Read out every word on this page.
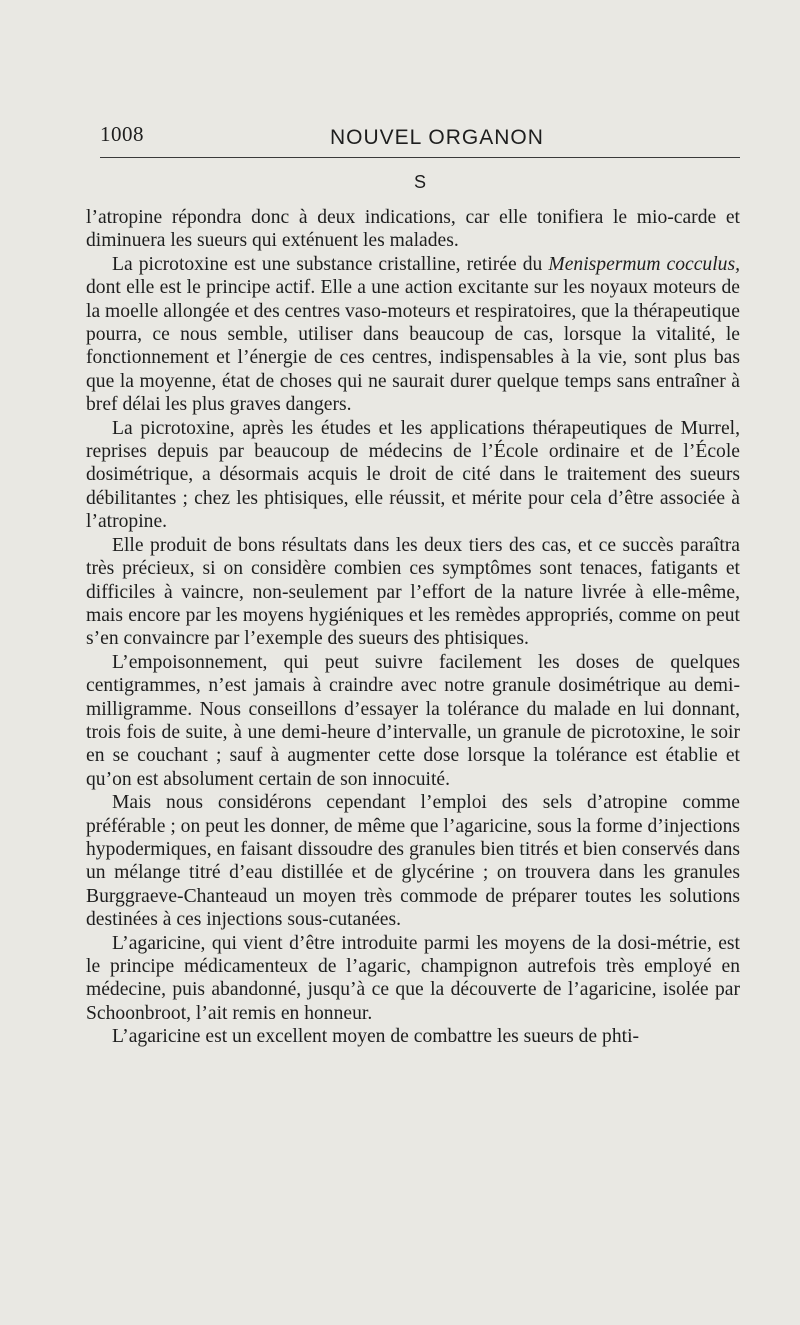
1008	NOUVEL ORGANON
S

l’atropine répondra donc à deux indications, car elle tonifiera le mio-carde et diminuera les sueurs qui exténuent les malades.

La picrotoxine est une substance cristalline, retirée du Menispermum cocculus, dont elle est le principe actif. Elle a une action excitante sur les noyaux moteurs de la moelle allongée et des centres vaso-moteurs et respiratoires, que la thérapeutique pourra, ce nous semble, utiliser dans beaucoup de cas, lorsque la vitalité, le fonctionnement et l’énergie de ces centres, indispensables à la vie, sont plus bas que la moyenne, état de choses qui ne saurait durer quelque temps sans entraîner à bref délai les plus graves dangers.

La picrotoxine, après les études et les applications thérapeutiques de Murrel, reprises depuis par beaucoup de médecins de l’École ordinaire et de l’École dosimétrique, a désormais acquis le droit de cité dans le traitement des sueurs débilitantes ; chez les phtisiques, elle réussit, et mérite pour cela d’être associée à l’atropine.

Elle produit de bons résultats dans les deux tiers des cas, et ce succès paraîtra très précieux, si on considère combien ces symptômes sont tenaces, fatigants et difficiles à vaincre, non-seulement par l’effort de la nature livrée à elle-même, mais encore par les moyens hygiéniques et les remèdes appropriés, comme on peut s’en convaincre par l’exemple des sueurs des phtisiques.

L’empoisonnement, qui peut suivre facilement les doses de quelques centigrammes, n’est jamais à craindre avec notre granule dosimétrique au demi-milligramme. Nous conseillons d’essayer la tolérance du malade en lui donnant, trois fois de suite, à une demi-heure d’intervalle, un granule de picrotoxine, le soir en se couchant ; sauf à augmenter cette dose lorsque la tolérance est établie et qu’on est absolument certain de son innocuité.

Mais nous considérons cependant l’emploi des sels d’atropine comme préférable ; on peut les donner, de même que l’agaricine, sous la forme d’injections hypodermiques, en faisant dissoudre des granules bien titrés et bien conservés dans un mélange titré d’eau distillée et de glycérine ; on trouvera dans les granules Burggraeve-Chanteaud un moyen très commode de préparer toutes les solutions destinées à ces injections sous-cutanées.

L’agaricine, qui vient d’être introduite parmi les moyens de la dosi-métrie, est le principe médicamenteux de l’agaric, champignon autrefois très employé en médecine, puis abandonné, jusqu’à ce que la découverte de l’agaricine, isolée par Schoonbroot, l’ait remis en honneur.

L’agaricine est un excellent moyen de combattre les sueurs de phti-
